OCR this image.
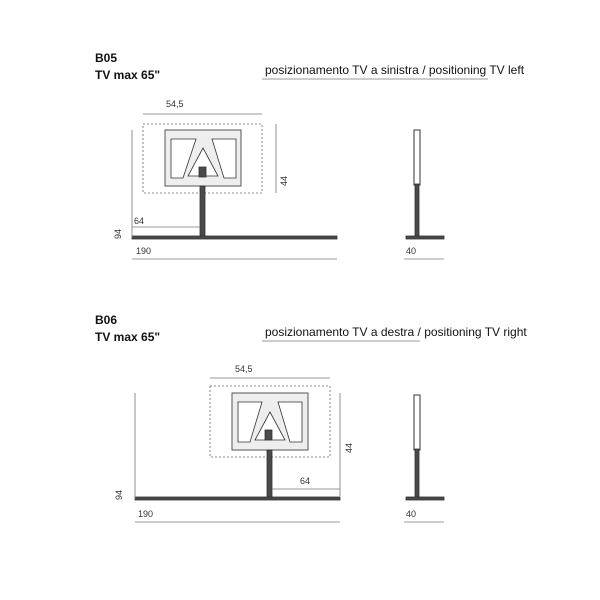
B05
TV max 65"	posizionamento TV a sinistra / positioning TV left
54,5
94
64
44
190	40
B06
TV max 65"	posizionamento TV a destra / positioning TV right
54,5
94
64
44
190	40
